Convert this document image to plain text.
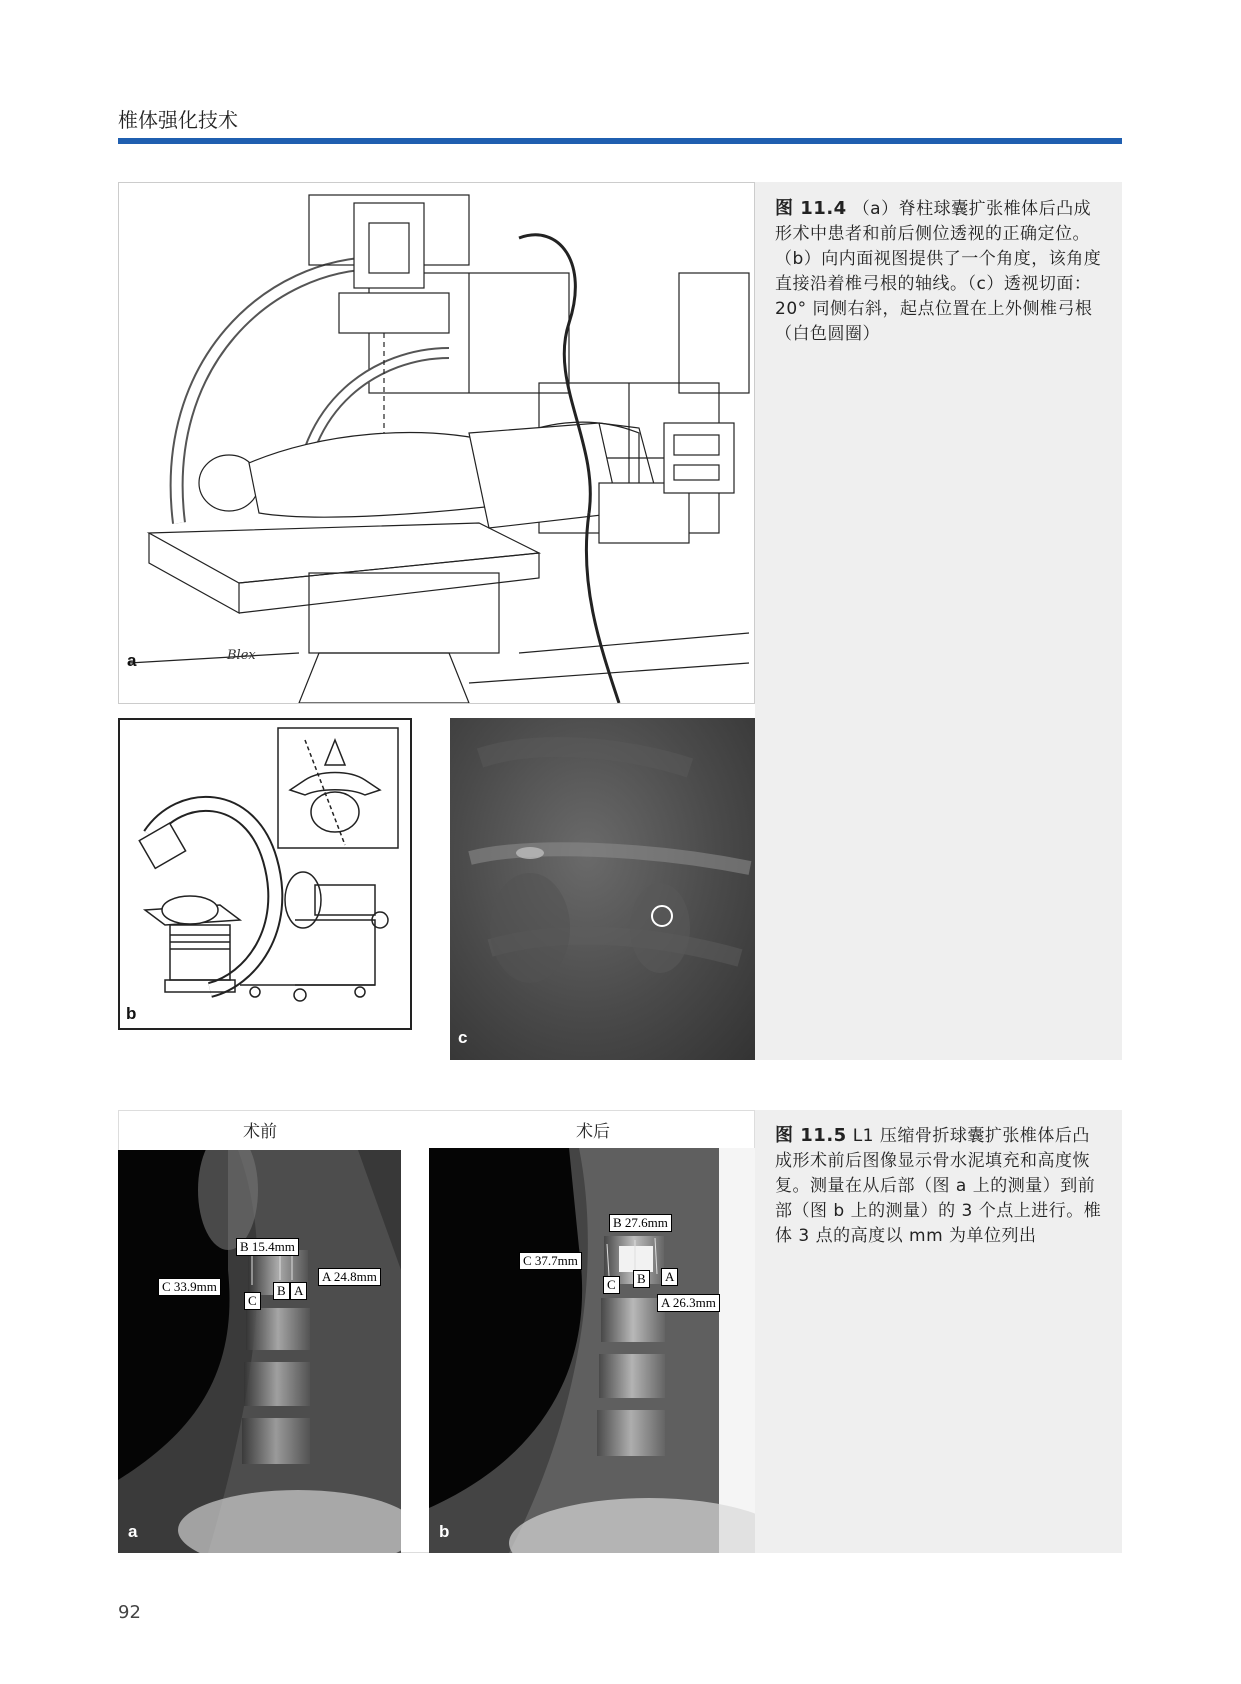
椎体强化技术
图 11.4 （a）脊柱球囊扩张椎体后凸成形术中患者和前后侧位透视的正确定位。（b）向内面视图提供了一个角度，该角度直接沿着椎弓根的轴线。（c）透视切面：20° 同侧右斜，起点位置在上外侧椎弓根（白色圆圈）
Blex
a
b
c
图 11.5 L1 压缩骨折球囊扩张椎体后凸成形术前后图像显示骨水泥填充和高度恢复。测量在从后部（图 a 上的测量）到前部（图 b 上的测量）的 3 个点上进行。椎体 3 点的高度以 mm 为单位列出
术前	术后
B 15.4mm
C 33.9mm
A 24.8mm
C
B A
a
B 27.6mm
C 37.7mm
C	B	A
A 26.3mm
b
92
